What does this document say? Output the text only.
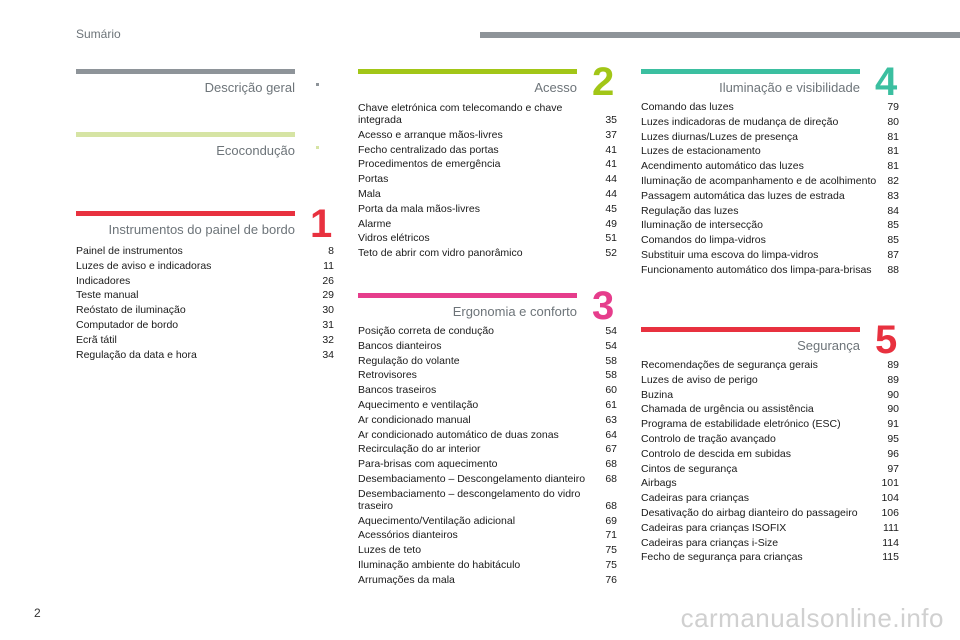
Sumário
Descrição geral
Ecocondução
Instrumentos do painel de bordo 1
Painel de instrumentos	8
Luzes de aviso e indicadoras	11
Indicadores	26
Teste manual	29
Reóstato de iluminação	30
Computador de bordo	31
Ecrã tátil	32
Regulação da data e hora	34
Acesso 2
Chave eletrónica com telecomando e chave integrada	35
Acesso e arranque mãos-livres	37
Fecho centralizado das portas	41
Procedimentos de emergência	41
Portas	44
Mala	44
Porta da mala mãos-livres	45
Alarme	49
Vidros elétricos	51
Teto de abrir com vidro panorâmico	52
Ergonomia e conforto 3
Posição correta de condução	54
Bancos dianteiros	54
Regulação do volante	58
Retrovisores	58
Bancos traseiros	60
Aquecimento e ventilação	61
Ar condicionado manual	63
Ar condicionado automático de duas zonas	64
Recirculação do ar interior	67
Para-brisas com aquecimento	68
Desembaciamento – Descongelamento dianteiro	68
Desembaciamento – descongelamento do vidro traseiro	68
Aquecimento/Ventilação adicional	69
Acessórios dianteiros	71
Luzes de teto	75
Iluminação ambiente do habitáculo	75
Arrumações da mala	76
Iluminação e visibilidade 4
Comando das luzes	79
Luzes indicadoras de mudança de direção	80
Luzes diurnas/Luzes de presença	81
Luzes de estacionamento	81
Acendimento automático das luzes	81
Iluminação de acompanhamento e de acolhimento	82
Passagem automática das luzes de estrada	83
Regulação das luzes	84
Iluminação de intersecção	85
Comandos do limpa-vidros	85
Substituir uma escova do limpa-vidros	87
Funcionamento automático dos limpa-para-brisas	88
Segurança 5
Recomendações de segurança gerais	89
Luzes de aviso de perigo	89
Buzina	90
Chamada de urgência ou assistência	90
Programa de estabilidade eletrónico (ESC)	91
Controlo de tração avançado	95
Controlo de descida em subidas	96
Cintos de segurança	97
Airbags	101
Cadeiras para crianças	104
Desativação do airbag dianteiro do passageiro	106
Cadeiras para crianças ISOFIX	111
Cadeiras para crianças i-Size	114
Fecho de segurança para crianças	115
2	carmanualsonline.info
